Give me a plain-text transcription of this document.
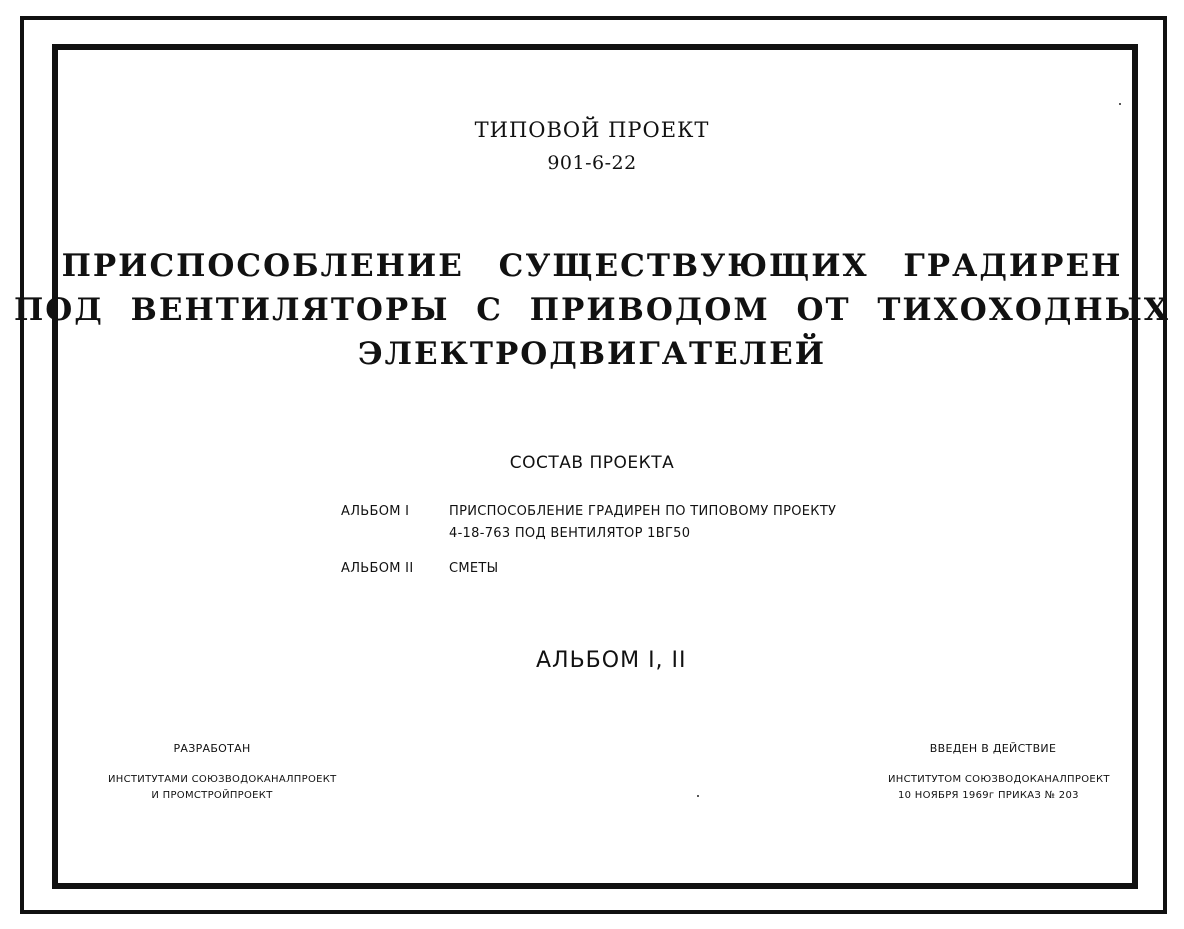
ТИПОВОЙ ПРОЕКТ
901-6-22
ПРИСПОСОБЛЕНИЕ СУЩЕСТВУЮЩИХ ГРАДИРЕН
ПОД ВЕНТИЛЯТОРЫ С ПРИВОДОМ ОТ ТИХОХОДНЫХ
ЭЛЕКТРОДВИГАТЕЛЕЙ
СОСТАВ ПРОЕКТА
АЛЬБОМ I	ПРИСПОСОБЛЕНИЕ ГРАДИРЕН ПО ТИПОВОМУ ПРОЕКТУ
4-18-763 ПОД ВЕНТИЛЯТОР 1ВГ50
АЛЬБОМ II	СМЕТЫ
АЛЬБОМ I, II
РАЗРАБОТАН
ИНСТИТУТАМИ СОЮЗВОДОКАНАЛПРОЕКТ
И ПРОМСТРОЙПРОЕКТ
ВВЕДЕН В ДЕЙСТВИЕ
ИНСТИТУТОМ СОЮЗВОДОКАНАЛПРОЕКТ
10 НОЯБРЯ 1969г ПРИКАЗ № 203
